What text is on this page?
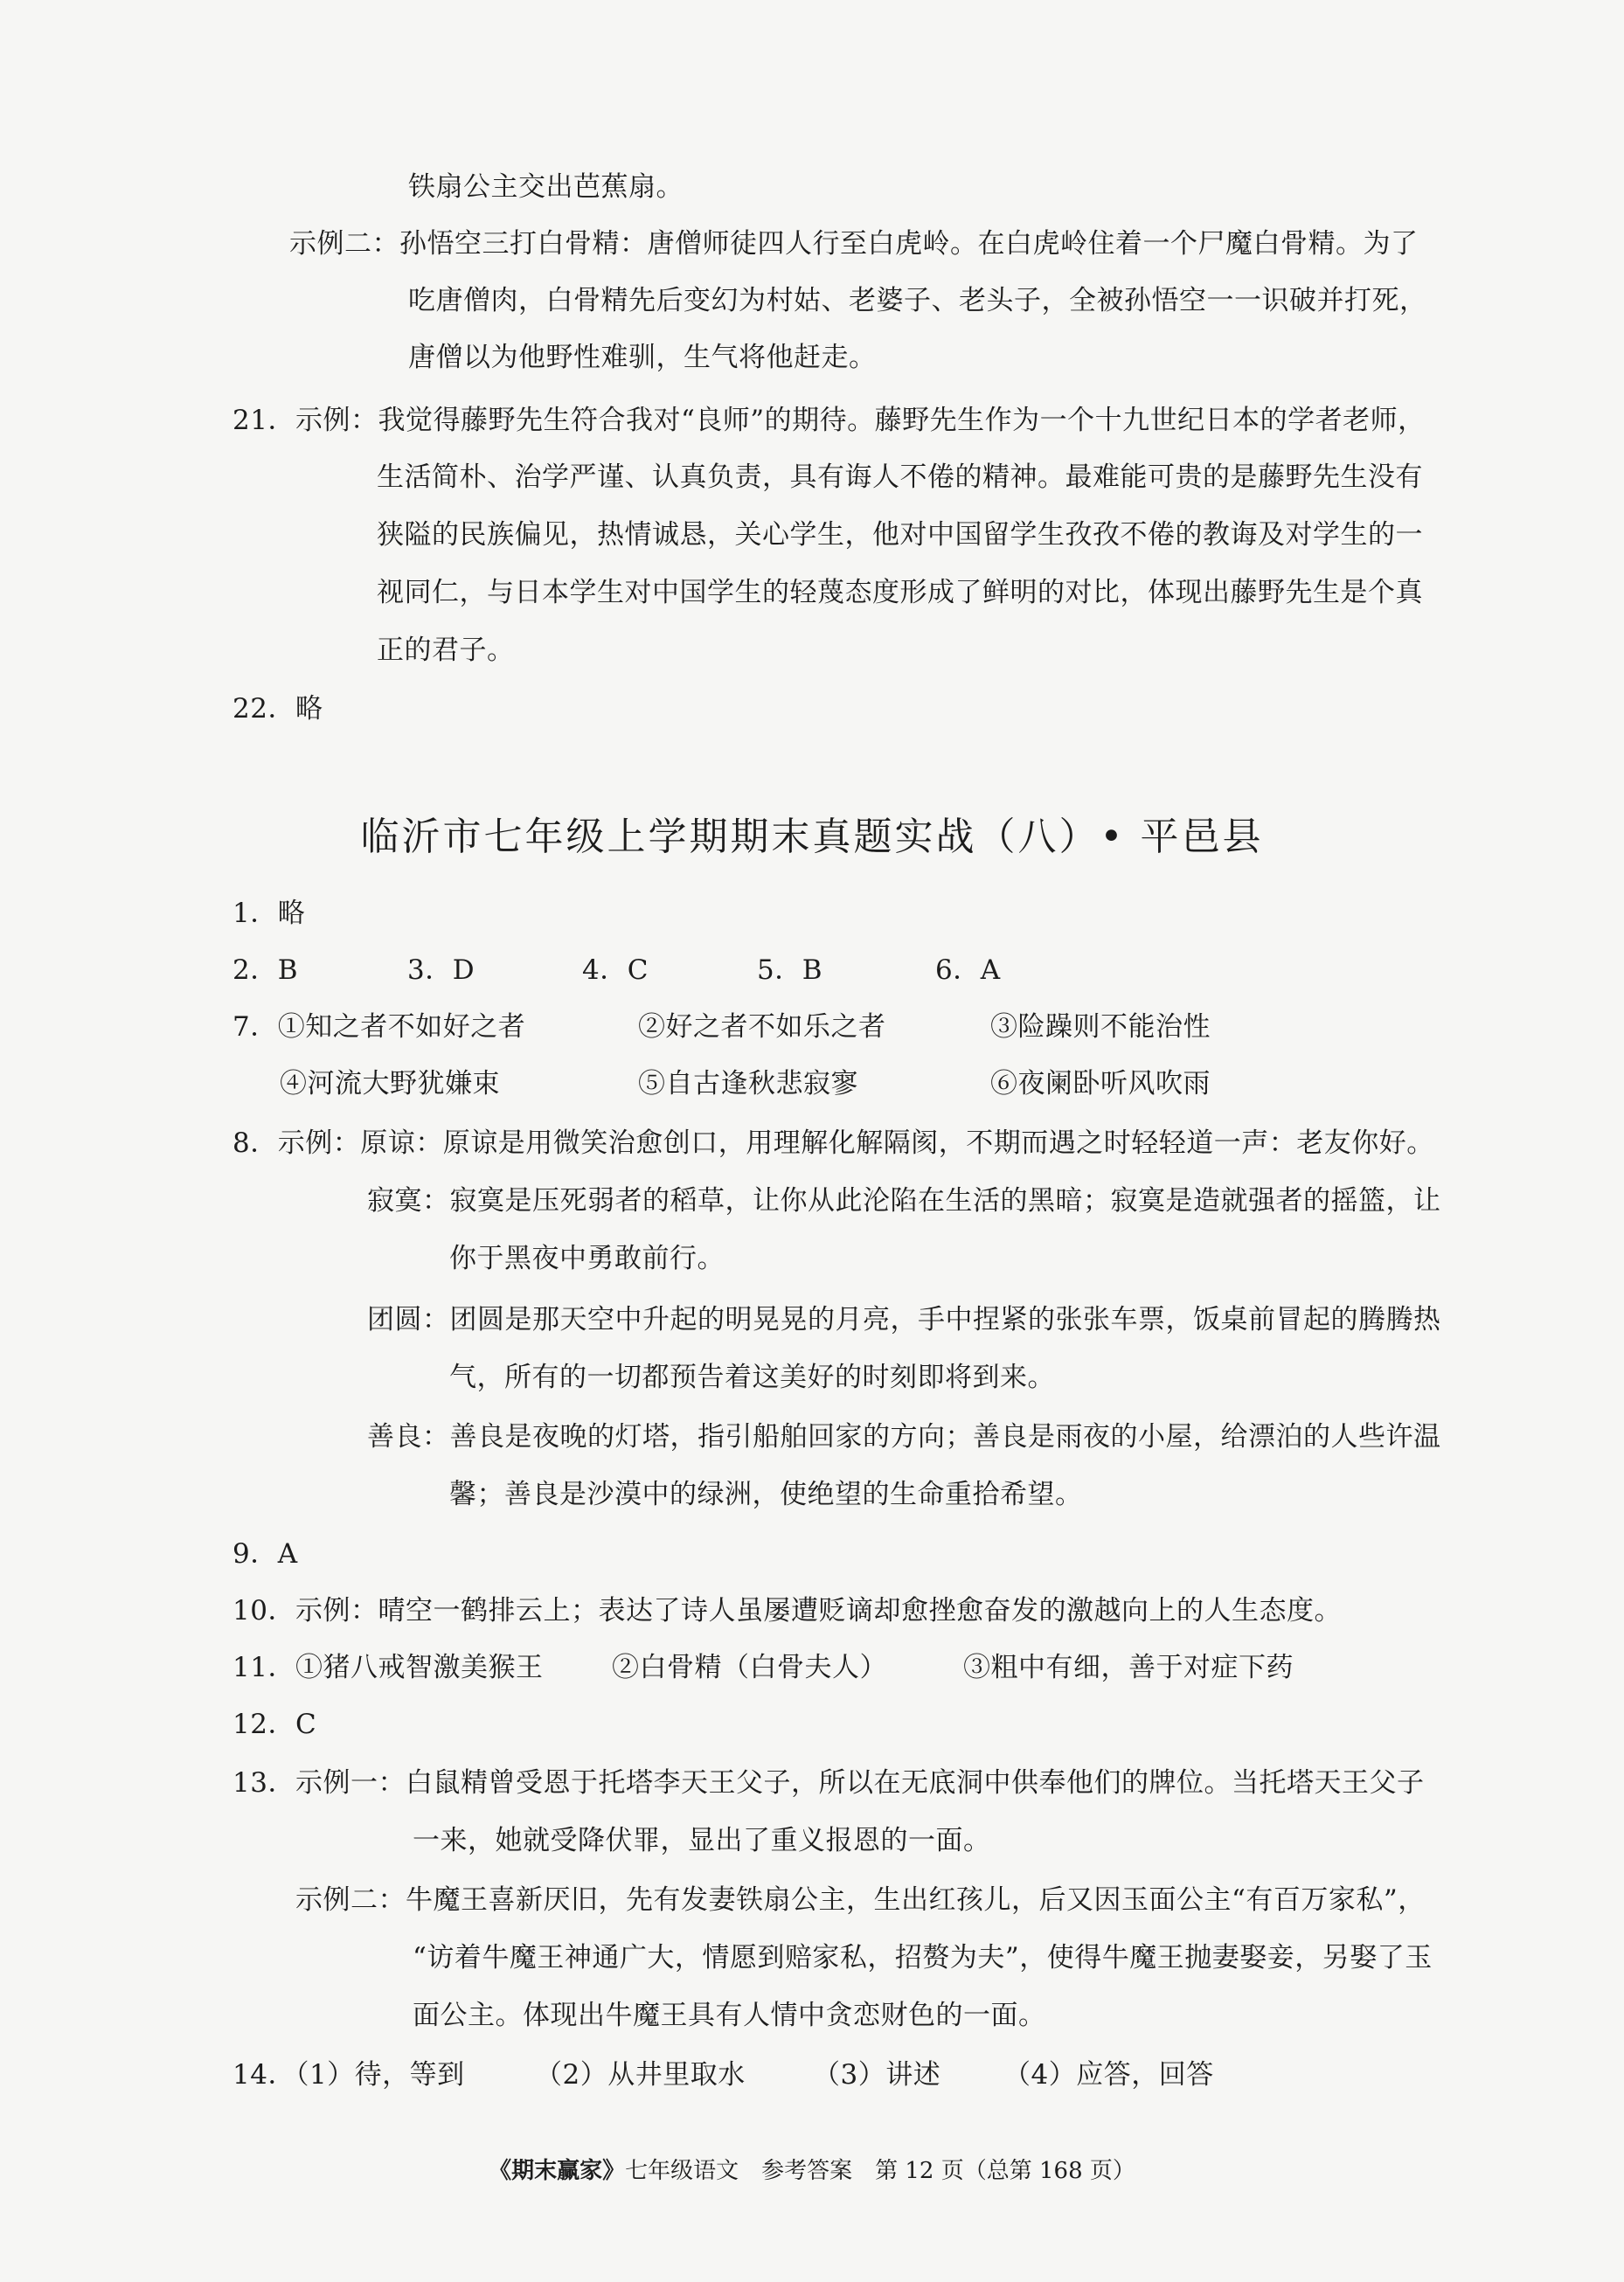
铁扇公主交出芭蕉扇。
示例二：孙悟空三打白骨精：唐僧师徒四人行至白虎岭。在白虎岭住着一个尸魔白骨精。为了
吃唐僧肉，白骨精先后变幻为村姑、老婆子、老头子，全被孙悟空一一识破并打死，
唐僧以为他野性难驯，生气将他赶走。
21．示例：我觉得藤野先生符合我对“良师”的期待。藤野先生作为一个十九世纪日本的学者老师，
生活简朴、治学严谨、认真负责，具有诲人不倦的精神。最难能可贵的是藤野先生没有
狭隘的民族偏见，热情诚恳，关心学生，他对中国留学生孜孜不倦的教诲及对学生的一
视同仁，与日本学生对中国学生的轻蔑态度形成了鲜明的对比，体现出藤野先生是个真
正的君子。
22．略
临沂市七年级上学期期末真题实战（八）• 平邑县
1．略
2．B	3．D	4．C	5．B	6．A
7．①知之者不如好之者	②好之者不如乐之者	③险躁则不能治性
④河流大野犹嫌束	⑤自古逢秋悲寂寥	⑥夜阑卧听风吹雨
8．示例：原谅：原谅是用微笑治愈创口，用理解化解隔阂，不期而遇之时轻轻道一声：老友你好。
寂寞：寂寞是压死弱者的稻草，让你从此沦陷在生活的黑暗；寂寞是造就强者的摇篮，让
你于黑夜中勇敢前行。
团圆：团圆是那天空中升起的明晃晃的月亮，手中捏紧的张张车票，饭桌前冒起的腾腾热
气，所有的一切都预告着这美好的时刻即将到来。
善良：善良是夜晚的灯塔，指引船舶回家的方向；善良是雨夜的小屋，给漂泊的人些许温
馨；善良是沙漠中的绿洲，使绝望的生命重拾希望。
9．A
10．示例：晴空一鹤排云上；表达了诗人虽屡遭贬谪却愈挫愈奋发的激越向上的人生态度。
11．①猪八戒智激美猴王	②白骨精（白骨夫人）	③粗中有细，善于对症下药
12．C
13．示例一：白鼠精曾受恩于托塔李天王父子，所以在无底洞中供奉他们的牌位。当托塔天王父子
一来，她就受降伏罪，显出了重义报恩的一面。
示例二：牛魔王喜新厌旧，先有发妻铁扇公主，生出红孩儿，后又因玉面公主“有百万家私”，
“访着牛魔王神通广大，情愿到赔家私，招赘为夫”，使得牛魔王抛妻娶妾，另娶了玉
面公主。体现出牛魔王具有人情中贪恋财色的一面。
14．（1）待，等到	（2）从井里取水 （3）讲述 （4）应答，回答
《期末赢家》七年级语文　参考答案　第 12 页（总第 168 页）
